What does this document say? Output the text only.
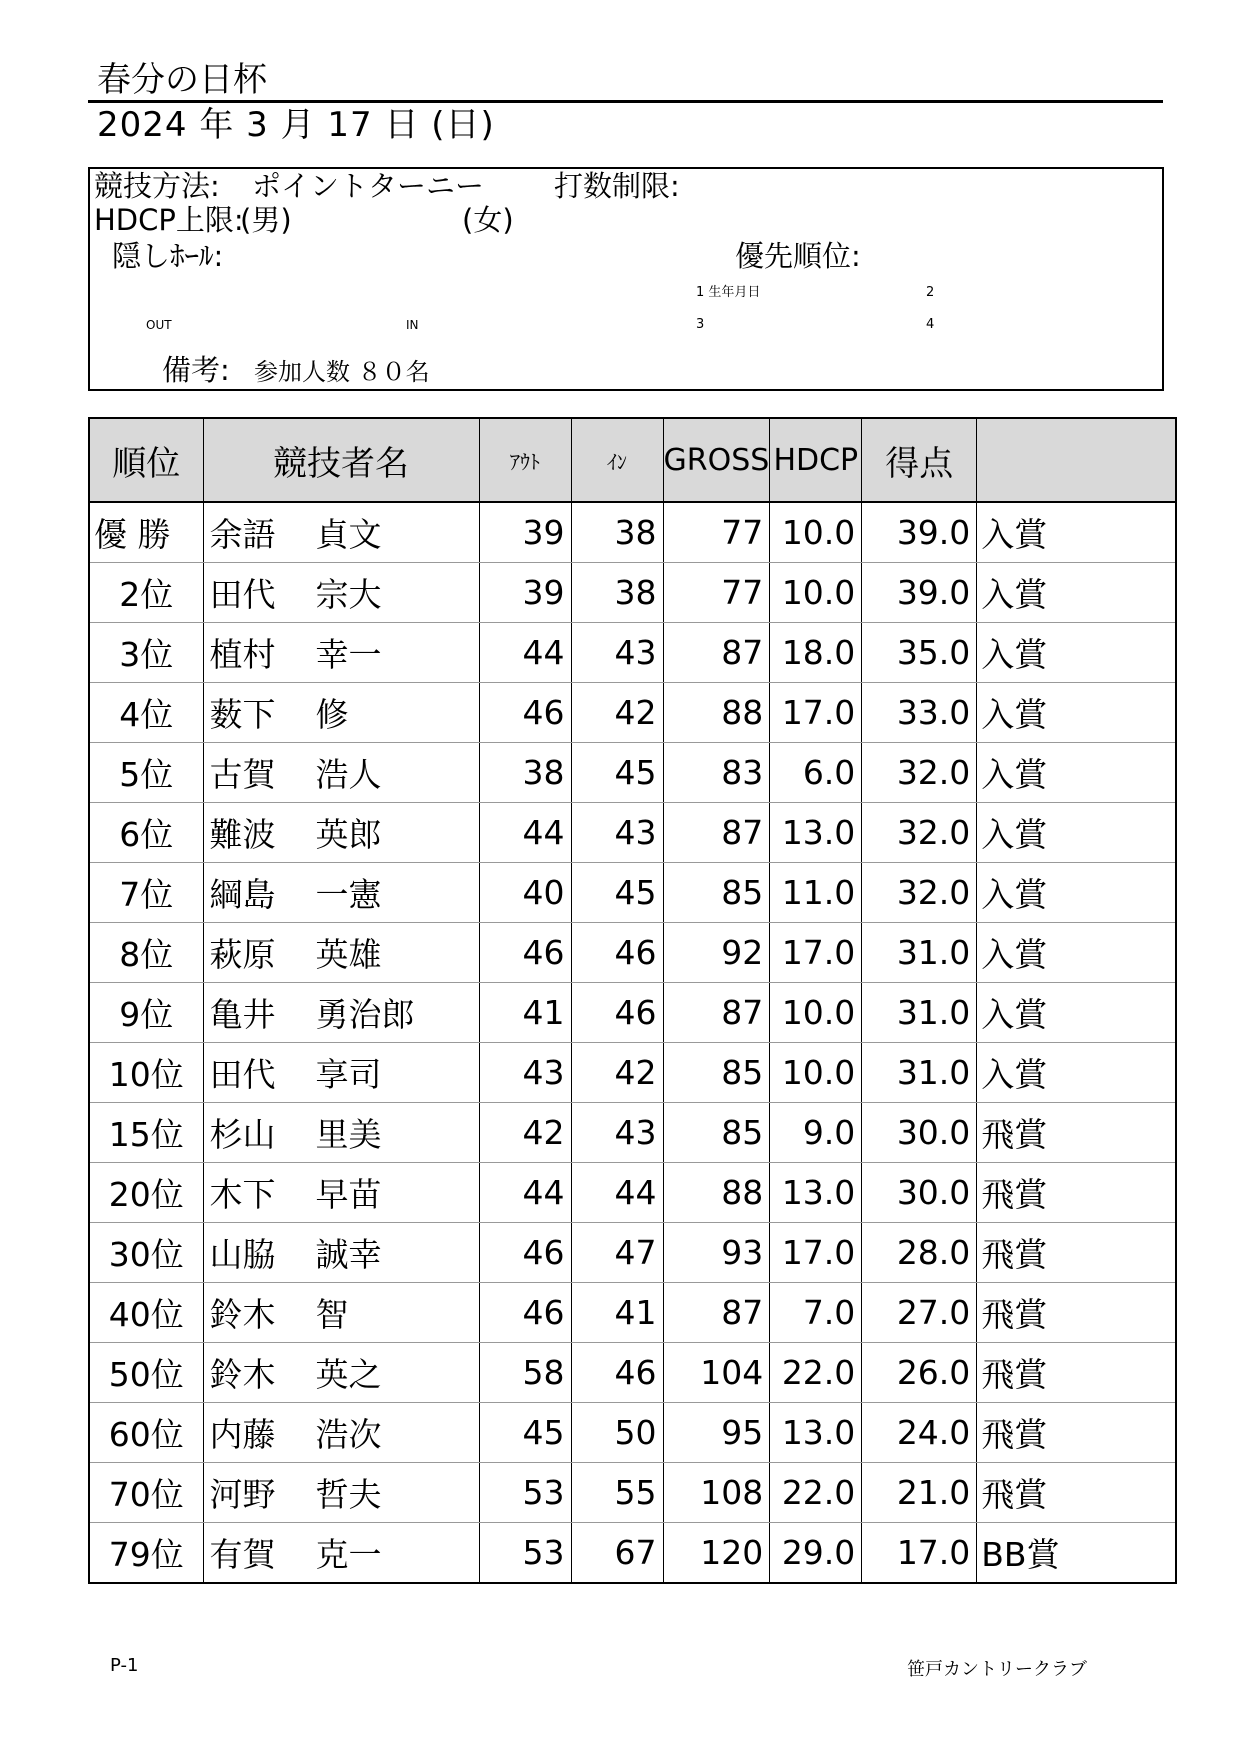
春分の日杯
2024 年 3 月 17 日 (日)
競技方法: ポイントターニー 打数制限:
HDCP上限:
(男)	(女)
隠しﾎｰﾙ:	優先順位:
1 生年月日	2
OUT	IN	3	4
備考: 参加人数 ８０名
順位	競技者名	ｱｳﾄ	ｲﾝ	GROSS	HDCP	得点	
優 勝	余語 貞文	39	38	77	10.0	39.0	入賞
2位	田代 宗大	39	38	77	10.0	39.0	入賞
3位	植村 幸一	44	43	87	18.0	35.0	入賞
4位	薮下 修	46	42	88	17.0	33.0	入賞
5位	古賀 浩人	38	45	83	6.0	32.0	入賞
6位	難波 英郎	44	43	87	13.0	32.0	入賞
7位	綱島 一憲	40	45	85	11.0	32.0	入賞
8位	萩原 英雄	46	46	92	17.0	31.0	入賞
9位	亀井 勇治郎	41	46	87	10.0	31.0	入賞
10位	田代 享司	43	42	85	10.0	31.0	入賞
15位	杉山 里美	42	43	85	9.0	30.0	飛賞
20位	木下 早苗	44	44	88	13.0	30.0	飛賞
30位	山脇 誠幸	46	47	93	17.0	28.0	飛賞
40位	鈴木 智	46	41	87	7.0	27.0	飛賞
50位	鈴木 英之	58	46	104	22.0	26.0	飛賞
60位	内藤 浩次	45	50	95	13.0	24.0	飛賞
70位	河野 哲夫	53	55	108	22.0	21.0	飛賞
79位	有賀 克一	53	67	120	29.0	17.0	BB賞
P-1	笹戸カントリークラブ
